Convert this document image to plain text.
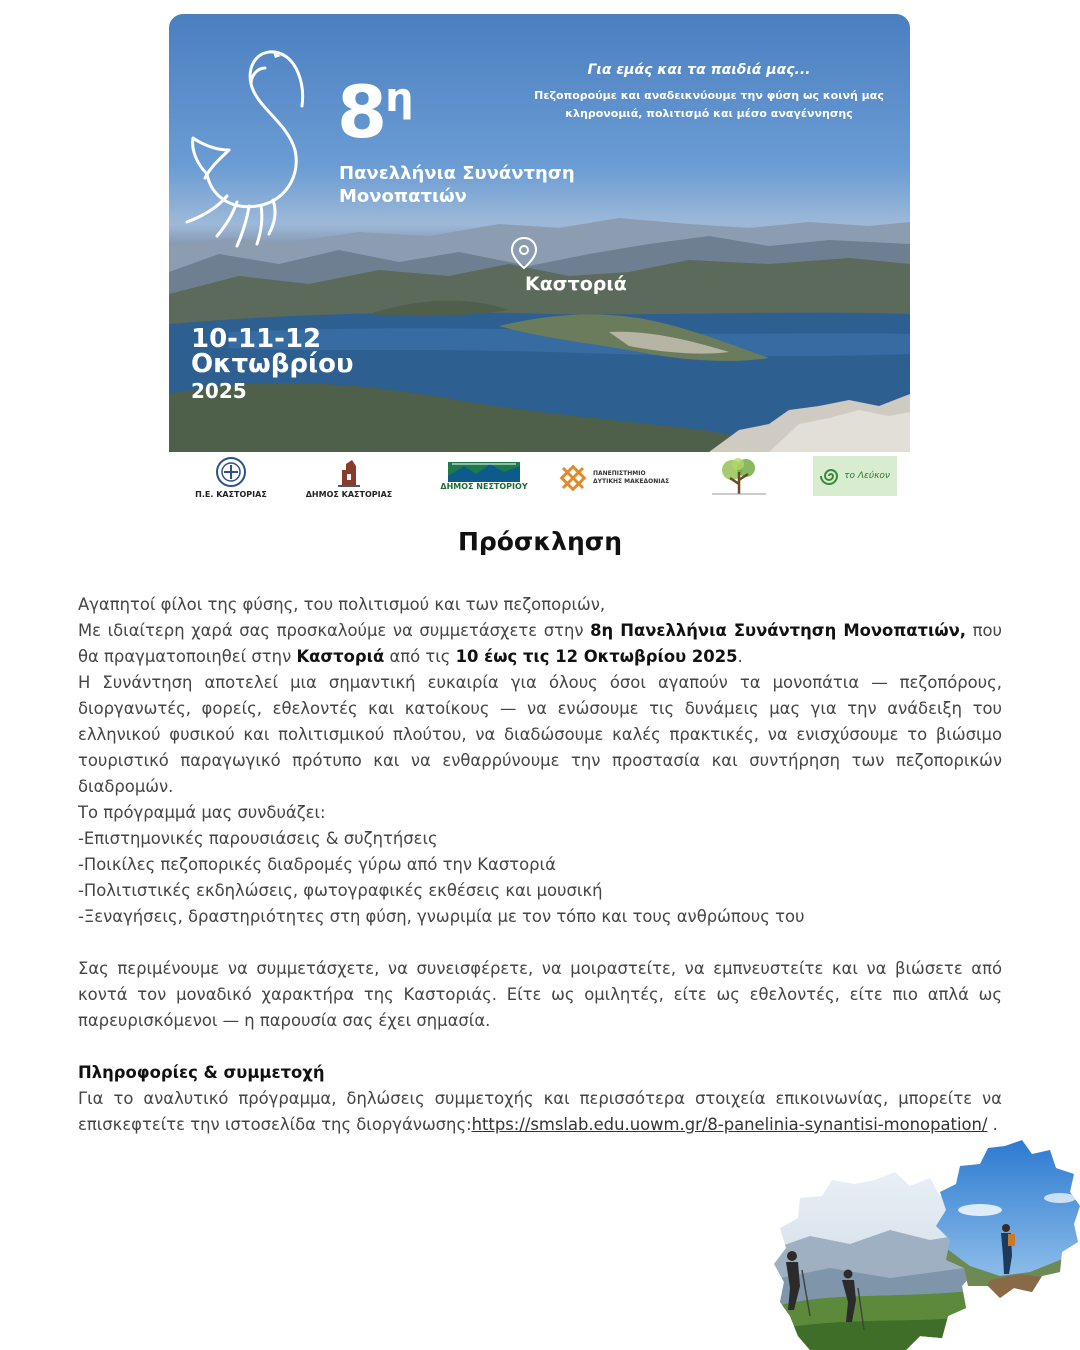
$8^\eta$
Πανελλήνια Συνάντηση
Μονοπατιών
Για εμάς και τα παιδιά μας...
Πεζοπορούμε και αναδεικνύουμε την φύση ως κοινή μας
κληρονομιά, πολιτισμό και μέσο αναγέννησης
Καστοριά
10-11-12
Οκτωβρίου
2025
Π.Ε. ΚΑΣΤΟΡΙΑΣ	ΔΗΜΟΣ ΚΑΣΤΟΡΙΑΣ
ΔΗΜΟΣ ΝΕΣΤΟΡΙΟΥ
ΠΑΝΕΠΙΣΤΗΜΙΟ
ΔΥΤΙΚΗΣ ΜΑΚΕΔΟΝΙΑΣ
το Λεύκον
Πρόσκληση

Αγαπητοί φίλοι της φύσης, του πολιτισμού και των πεζοποριών,

Με ιδιαίτερη χαρά σας προσκαλούμε να συμμετάσχετε στην 8η Πανελλήνια Συνάντηση Μονοπατιών, που θα πραγματοποιηθεί στην Καστοριά από τις 10 έως τις 12 Οκτωβρίου 2025.

Η Συνάντηση αποτελεί μια σημαντική ευκαιρία για όλους όσοι αγαπούν τα μονοπάτια — πεζοπόρους, διοργανωτές, φορείς, εθελοντές και κατοίκους — να ενώσουμε τις δυνάμεις μας για την ανάδειξη του ελληνικού φυσικού και πολιτισμικού πλούτου, να διαδώσουμε καλές πρακτικές, να ενισχύσουμε το βιώσιμο τουριστικό παραγωγικό πρότυπο και να ενθαρρύνουμε την προστασία και συντήρηση των πεζοπορικών διαδρομών.

Το πρόγραμμά μας συνδυάζει:

-Επιστημονικές παρουσιάσεις & συζητήσεις

-Ποικίλες πεζοπορικές διαδρομές γύρω από την Καστοριά

-Πολιτιστικές εκδηλώσεις, φωτογραφικές εκθέσεις και μουσική

-Ξεναγήσεις, δραστηριότητες στη φύση, γνωριμία με τον τόπο και τους ανθρώπους του

Σας περιμένουμε να συμμετάσχετε, να συνεισφέρετε, να μοιραστείτε, να εμπνευστείτε και να βιώσετε από κοντά τον μοναδικό χαρακτήρα της Καστοριάς. Είτε ως ομιλητές, είτε ως εθελοντές, είτε πιο απλά ως παρευρισκόμενοι — η παρουσία σας έχει σημασία.

Πληροφορίες & συμμετοχή

Για το αναλυτικό πρόγραμμα, δηλώσεις συμμετοχής και περισσότερα στοιχεία επικοινωνίας, μπορείτε να επισκεφτείτε την ιστοσελίδα της διοργάνωσης:https://smslab.edu.uowm.gr/8-panelinia-synantisi-monopation/ .
